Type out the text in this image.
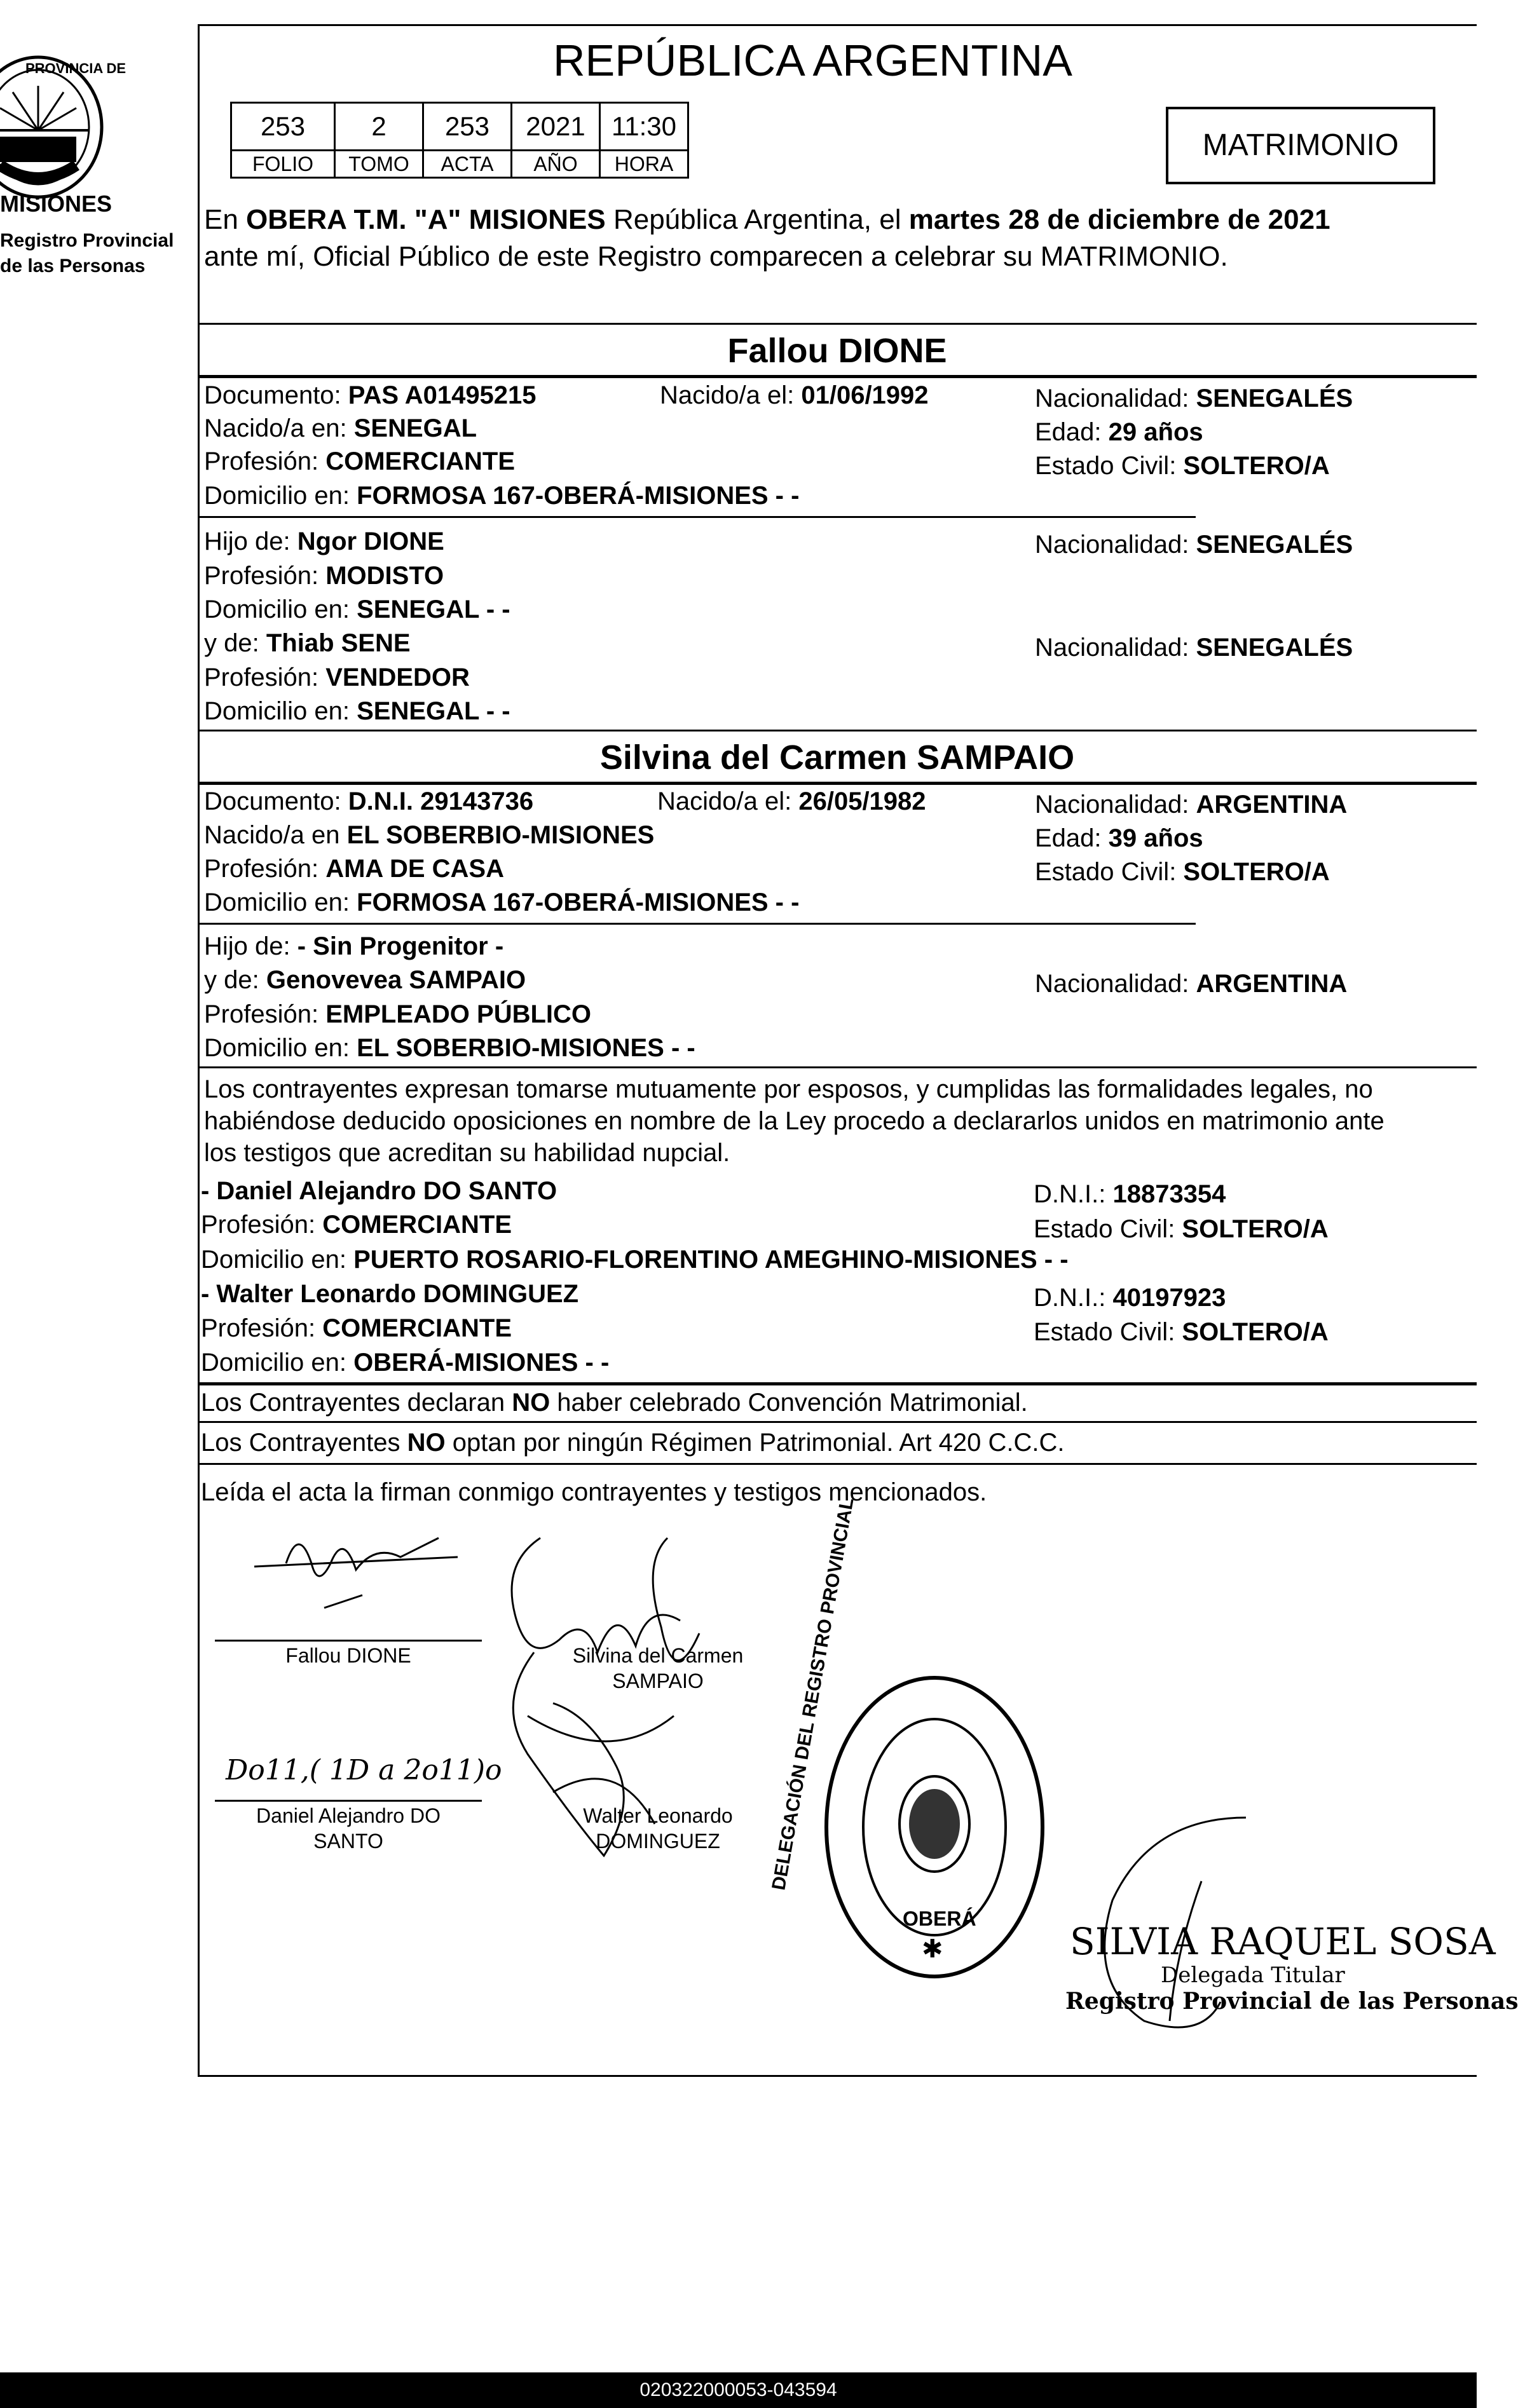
PROVINCIA DE
MISIONES
Registro Provincial
de las Personas
REPÚBLICA ARGENTINA
253	2	253	2021	11:30
FOLIO	TOMO	ACTA	AÑO	HORA
MATRIMONIO
En OBERA T.M. "A" MISIONES República Argentina, el martes 28 de diciembre de 2021
ante mí, Oficial Público de este Registro comparecen a celebrar su MATRIMONIO.
Fallou DIONE
Documento: PAS A01495215	Nacido/a el: 01/06/1992	Nacionalidad: SENEGALÉS
Nacido/a en: SENEGAL	Edad: 29 años
Profesión: COMERCIANTE	Estado Civil: SOLTERO/A
Domicilio en: FORMOSA 167-OBERÁ-MISIONES - -
Hijo de: Ngor DIONE	Nacionalidad: SENEGALÉS
Profesión: MODISTO
Domicilio en: SENEGAL - -
y de: Thiab SENE	Nacionalidad: SENEGALÉS
Profesión: VENDEDOR
Domicilio en: SENEGAL - -
Silvina del Carmen SAMPAIO
Documento: D.N.I. 29143736	Nacido/a el: 26/05/1982	Nacionalidad: ARGENTINA
Nacido/a en EL SOBERBIO-MISIONES	Edad: 39 años
Profesión: AMA DE CASA	Estado Civil: SOLTERO/A
Domicilio en: FORMOSA 167-OBERÁ-MISIONES - -
Hijo de: - Sin Progenitor -
y de: Genovevea SAMPAIO	Nacionalidad: ARGENTINA
Profesión: EMPLEADO PÚBLICO
Domicilio en: EL SOBERBIO-MISIONES - -
Los contrayentes expresan tomarse mutuamente por esposos, y cumplidas las formalidades legales, no
habiéndose deducido oposiciones en nombre de la Ley procedo a declararlos unidos en matrimonio ante
los testigos que acreditan su habilidad nupcial.
- Daniel Alejandro DO SANTO	D.N.I.: 18873354
Profesión: COMERCIANTE	Estado Civil: SOLTERO/A
Domicilio en: PUERTO ROSARIO-FLORENTINO AMEGHINO-MISIONES - -
- Walter Leonardo DOMINGUEZ	D.N.I.: 40197923
Profesión: COMERCIANTE	Estado Civil: SOLTERO/A
Domicilio en: OBERÁ-MISIONES - -
Los Contrayentes declaran NO haber celebrado Convención Matrimonial.
Los Contrayentes NO optan por ningún Régimen Patrimonial. Art 420 C.C.C.
Leída el acta la firman conmigo contrayentes y testigos mencionados.
Fallou DIONE	Silvina del Carmen
SAMPAIO
Do11,( 1D a 2o11)o
Daniel Alejandro DO
SANTO
Walter Leonardo
DOMINGUEZ	DELEGACIÓN DEL REGISTRO PROVINCIAL
OBERÁ
✱	SILVIA RAQUEL SOSA
Delegada Titular
Registro Provincial de las Personas
020322000053-043594
